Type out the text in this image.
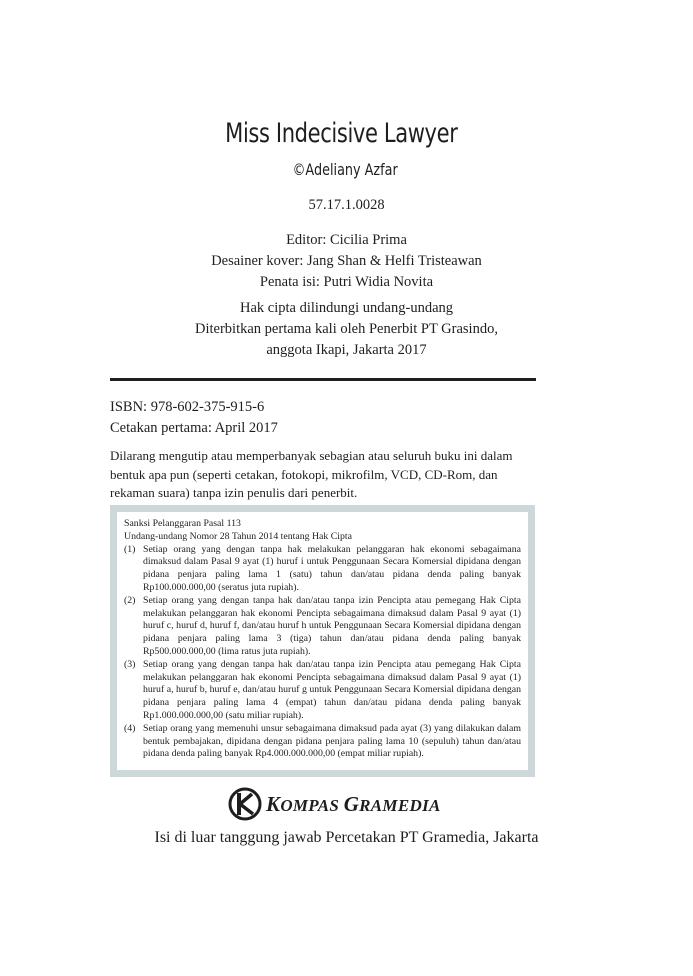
Miss Indecisive Lawyer
©Adeliany Azfar
57.17.1.0028
Editor: Cicilia Prima
Desainer kover: Jang Shan & Helfi Tristeawan
Penata isi: Putri Widia Novita
Hak cipta dilindungi undang-undang
Diterbitkan pertama kali oleh Penerbit PT Grasindo,
anggota Ikapi, Jakarta 2017
ISBN: 978-602-375-915-6
Cetakan pertama: April 2017
Dilarang mengutip atau memperbanyak sebagian atau seluruh buku ini dalam bentuk apa pun (seperti cetakan, fotokopi, mikrofilm, VCD, CD-Rom, dan rekaman suara) tanpa izin penulis dari penerbit.
Sanksi Pelanggaran Pasal 113
Undang-undang Nomor 28 Tahun 2014 tentang Hak Cipta
(1) Setiap orang yang dengan tanpa hak melakukan pelanggaran hak ekonomi sebagaimana dimaksud dalam Pasal 9 ayat (1) huruf i untuk Penggunaan Secara Komersial dipidana dengan pidana penjara paling lama 1 (satu) tahun dan/atau pidana denda paling banyak Rp100.000.000,00 (seratus juta rupiah).
(2) Setiap orang yang dengan tanpa hak dan/atau tanpa izin Pencipta atau pemegang Hak Cipta melakukan pelanggaran hak ekonomi Pencipta sebagaimana dimaksud dalam Pasal 9 ayat (1) huruf c, huruf d, huruf f, dan/atau huruf h untuk Penggunaan Secara Komersial dipidana dengan pidana penjara paling lama 3 (tiga) tahun dan/atau pidana denda paling banyak Rp500.000.000,00 (lima ratus juta rupiah).
(3) Setiap orang yang dengan tanpa hak dan/atau tanpa izin Pencipta atau pemegang Hak Cipta melakukan pelanggaran hak ekonomi Pencipta sebagaimana dimaksud dalam Pasal 9 ayat (1) huruf a, huruf b, huruf e, dan/atau huruf g untuk Penggunaan Secara Komersial dipidana dengan pidana penjara paling lama 4 (empat) tahun dan/atau pidana denda paling banyak Rp1.000.000.000,00 (satu miliar rupiah).
(4) Setiap orang yang memenuhi unsur sebagaimana dimaksud pada ayat (3) yang dilakukan dalam bentuk pembajakan, dipidana dengan pidana penjara paling lama 10 (sepuluh) tahun dan/atau pidana denda paling banyak Rp4.000.000.000,00 (empat miliar rupiah).
KOMPAS GRAMEDIA
Isi di luar tanggung jawab Percetakan PT Gramedia, Jakarta
